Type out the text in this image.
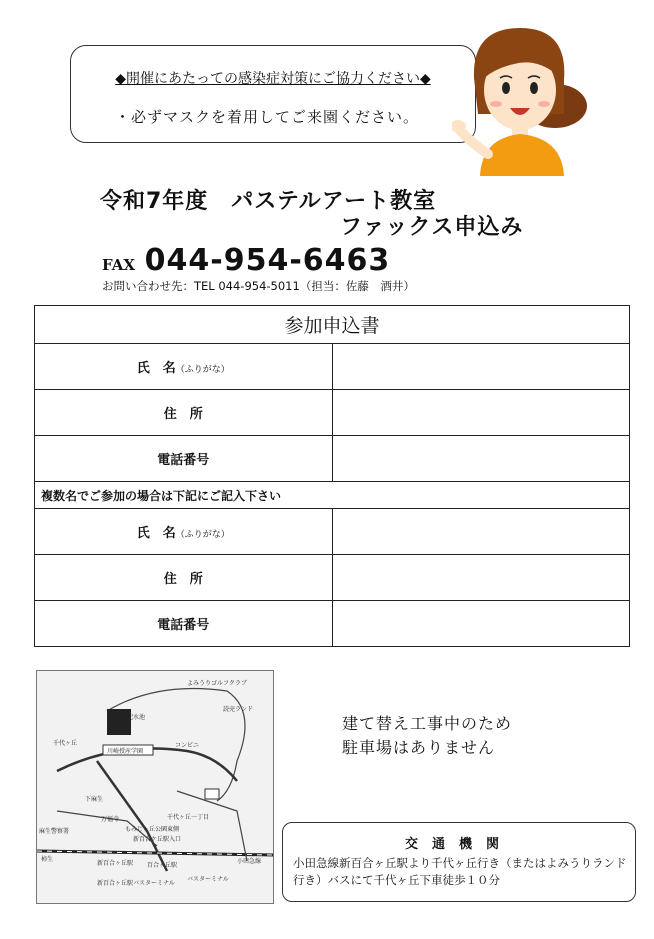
◆開催にあたっての感染症対策にご協力ください◆
・必ずマスクを着用してご来園ください。
令和7年度　パステルアート教室
ファックス申込み
FAX 044-954-6463
お問い合わせ先：TEL 044-954-5011（担当：佐藤　酒井）
参加申込書	
氏　名（ふりがな）	
住　所	
電話番号	
複数名でご参加の場合は下記にご記入下さい	
氏　名（ふりがな）	
住　所	
電話番号	
よみうりゴルフクラブ
配水池
千代ヶ丘
川崎授産学園
コンビニ
千代ヶ丘一丁目
もみじヶ丘公園東側
新百合ケ丘駅入口
麻生警察署
柿生
百合ヶ丘駅
新百合ヶ丘駅
新百合ヶ丘駅バスターミナル
バスターミナル
小田急線
万福寺
下麻生
読売ランド
建て替え工事中のため
駐車場はありません
交通機関
小田急線新百合ヶ丘駅より千代ヶ丘行き（またはよみうりランド行き）バスにて千代ヶ丘下車徒歩１０分
